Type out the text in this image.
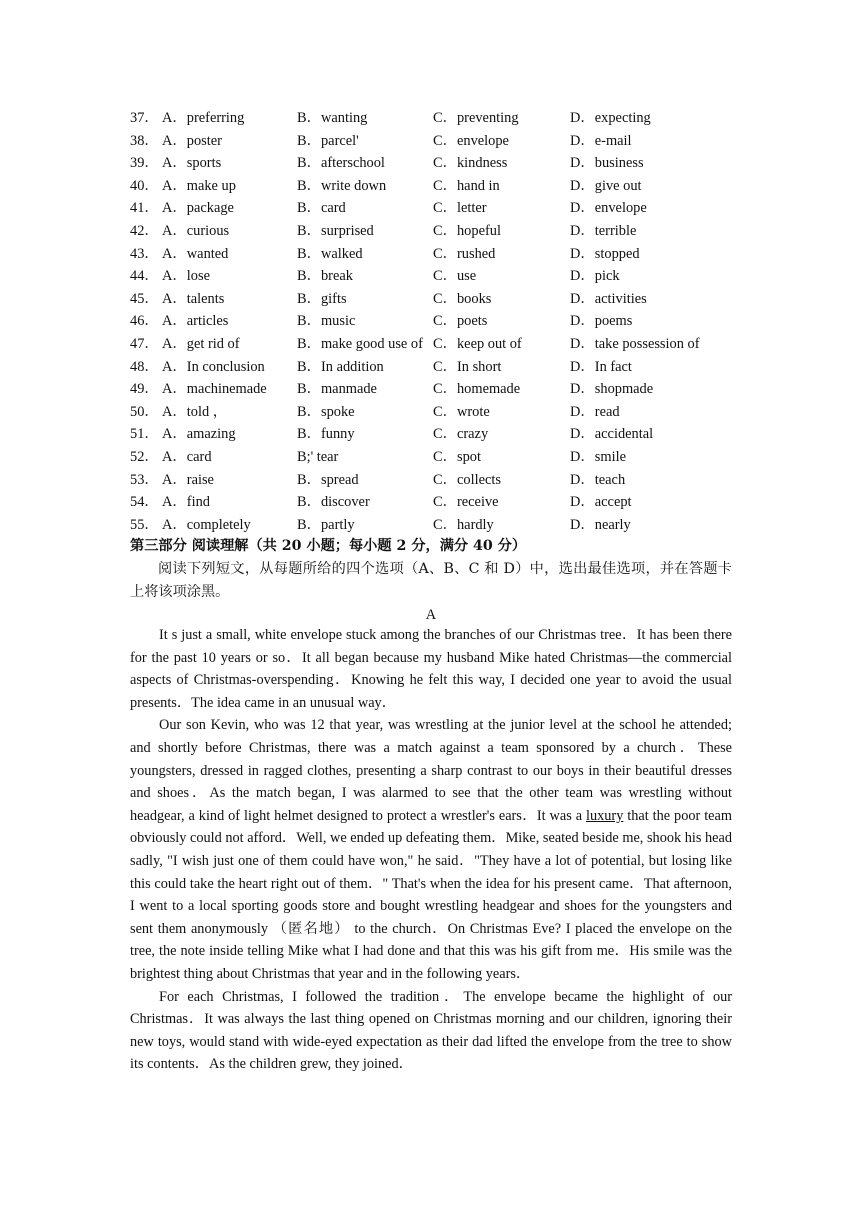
37． A．preferring	B．wanting	C．preventing	D．expecting
38． A．poster	B．parcel'	C．envelope	D．e-mail
39． A．sports	B．afterschool	C．kindness	D．business
40． A．make up	B．write down	C．hand in	D．give out
41． A．package	B．card	C．letter	D．envelope
42． A．curious	B．surprised	C．hopeful	D．terrible
43． A．wanted	B．walked	C．rushed	D．stopped
44． A．lose	B．break	C．use	D．pick
45． A．talents	B．gifts	C．books	D．activities
46． A．articles	B．music	C．poets	D．poems
47． A．get rid of	B．make good use of C．keep out of	D．take possession of
48． A．In conclusion B．In addition	C．In short	D．In fact
49． A．machinemade B．manmade	C．homemade	D．shopmade
50． A．told ，	B．spoke	C．wrote	D．read
51． A．amazing	B．funny	C．crazy	D．accidental
52． A．card	B;' tear	C．spot	D．smile
53． A．raise	B．spread	C．collects	D．teach
54． A．find	B．discover	C．receive	D．accept
55． A．completely	B．partly	C．hardly	D．nearly
第三部分 阅读理解（共 20 小题；每小题 2 分，满分 40 分）
阅读下列短文，从每题所给的四个选项（A、B、C 和 D）中，选出最佳选项，并在答题卡上将该项涂黑。
A

It s just a small, white envelope stuck among the branches of our Christmas tree．It has been there for the past 10 years or so．It all began because my husband Mike hated Christmas—the commercial aspects of Christmas-overspending．Knowing he felt this way, I decided one year to avoid the usual presents．The idea came in an unusual way．

Our son Kevin, who was 12 that year, was wrestling at the junior level at the school he attended; and shortly before Christmas, there was a match against a team sponsored by a church．These youngsters, dressed in ragged clothes, presenting a sharp contrast to our boys in their beautiful dresses and shoes．As the match began, I was alarmed to see that the other team was wrestling without headgear, a kind of light helmet designed to protect a wrestler's ears．It was a luxury that the poor team obviously could not afford．Well, we ended up defeating them．Mike, seated beside me, shook his head sadly, "I wish just one of them could have won," he said．"They have a lot of potential, but losing like this could take the heart right out of them．" That's when the idea for his present came．That afternoon, I went to a local sporting goods store and bought wrestling headgear and shoes for the youngsters and sent them anonymously （匿名地） to the church．On Christmas Eve? I placed the envelope on the tree, the note inside telling Mike what I had done and that this was his gift from me．His smile was the brightest thing about Christmas that year and in the following years．

For each Christmas, I followed the tradition．The envelope became the highlight of our Christmas．It was always the last thing opened on Christmas morning and our children, ignoring their new toys, would stand with wide-eyed expectation as their dad lifted the envelope from the tree to show its contents．As the children grew, they joined．
